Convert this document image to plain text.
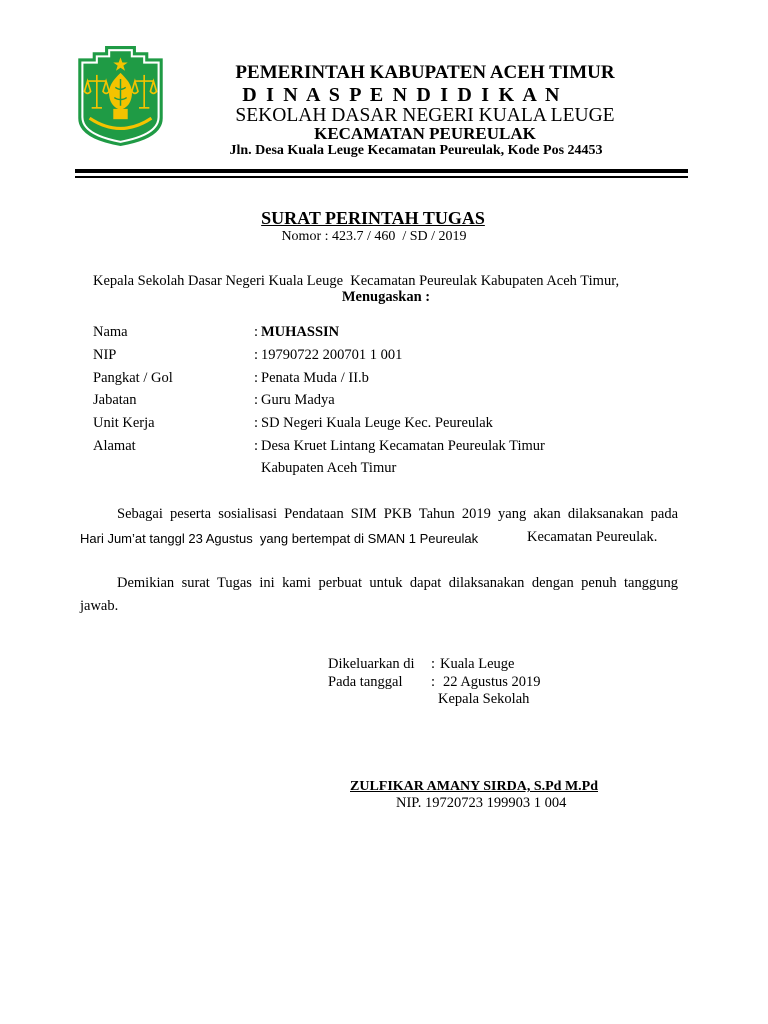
PEMERINTAH KABUPATEN ACEH TIMUR
D I N A S P E N D I D I K A N
SEKOLAH DASAR NEGERI KUALA LEUGE
KECAMATAN PEUREULAK
Jln. Desa Kuala Leuge Kecamatan Peureulak, Kode Pos 24453
SURAT PERINTAH TUGAS
Nomor : 423.7 / 460  / SD / 2019
Kepala Sekolah Dasar Negeri Kuala Leuge  Kecamatan Peureulak Kabupaten Aceh Timur,
Menugaskan :
Nama	: MUHASSIN
NIP	: 19790722 200701 1 001
Pangkat / Gol	: Penata Muda / II.b
Jabatan	: Guru Madya
Unit Kerja	: SD Negeri Kuala Leuge Kec. Peureulak
Alamat	: Desa Kruet Lintang Kecamatan Peureulak Timur
Kabupaten Aceh Timur
Sebagai peserta sosialisasi Pendataan SIM PKB Tahun 2019 yang akan dilaksanakan pada
Hari Jum’at tanggl 23 Agustus  yang bertempat di SMAN 1 Peureulak	Kecamatan Peureulak.
Demikian surat Tugas ini kami perbuat untuk dapat dilaksanakan dengan penuh tanggung
jawab.
Dikeluarkan di : Kuala Leuge
Pada tanggal : 22 Agustus 2019
Kepala Sekolah
ZULFIKAR AMANY SIRDA, S.Pd M.Pd
NIP. 19720723 199903 1 004
